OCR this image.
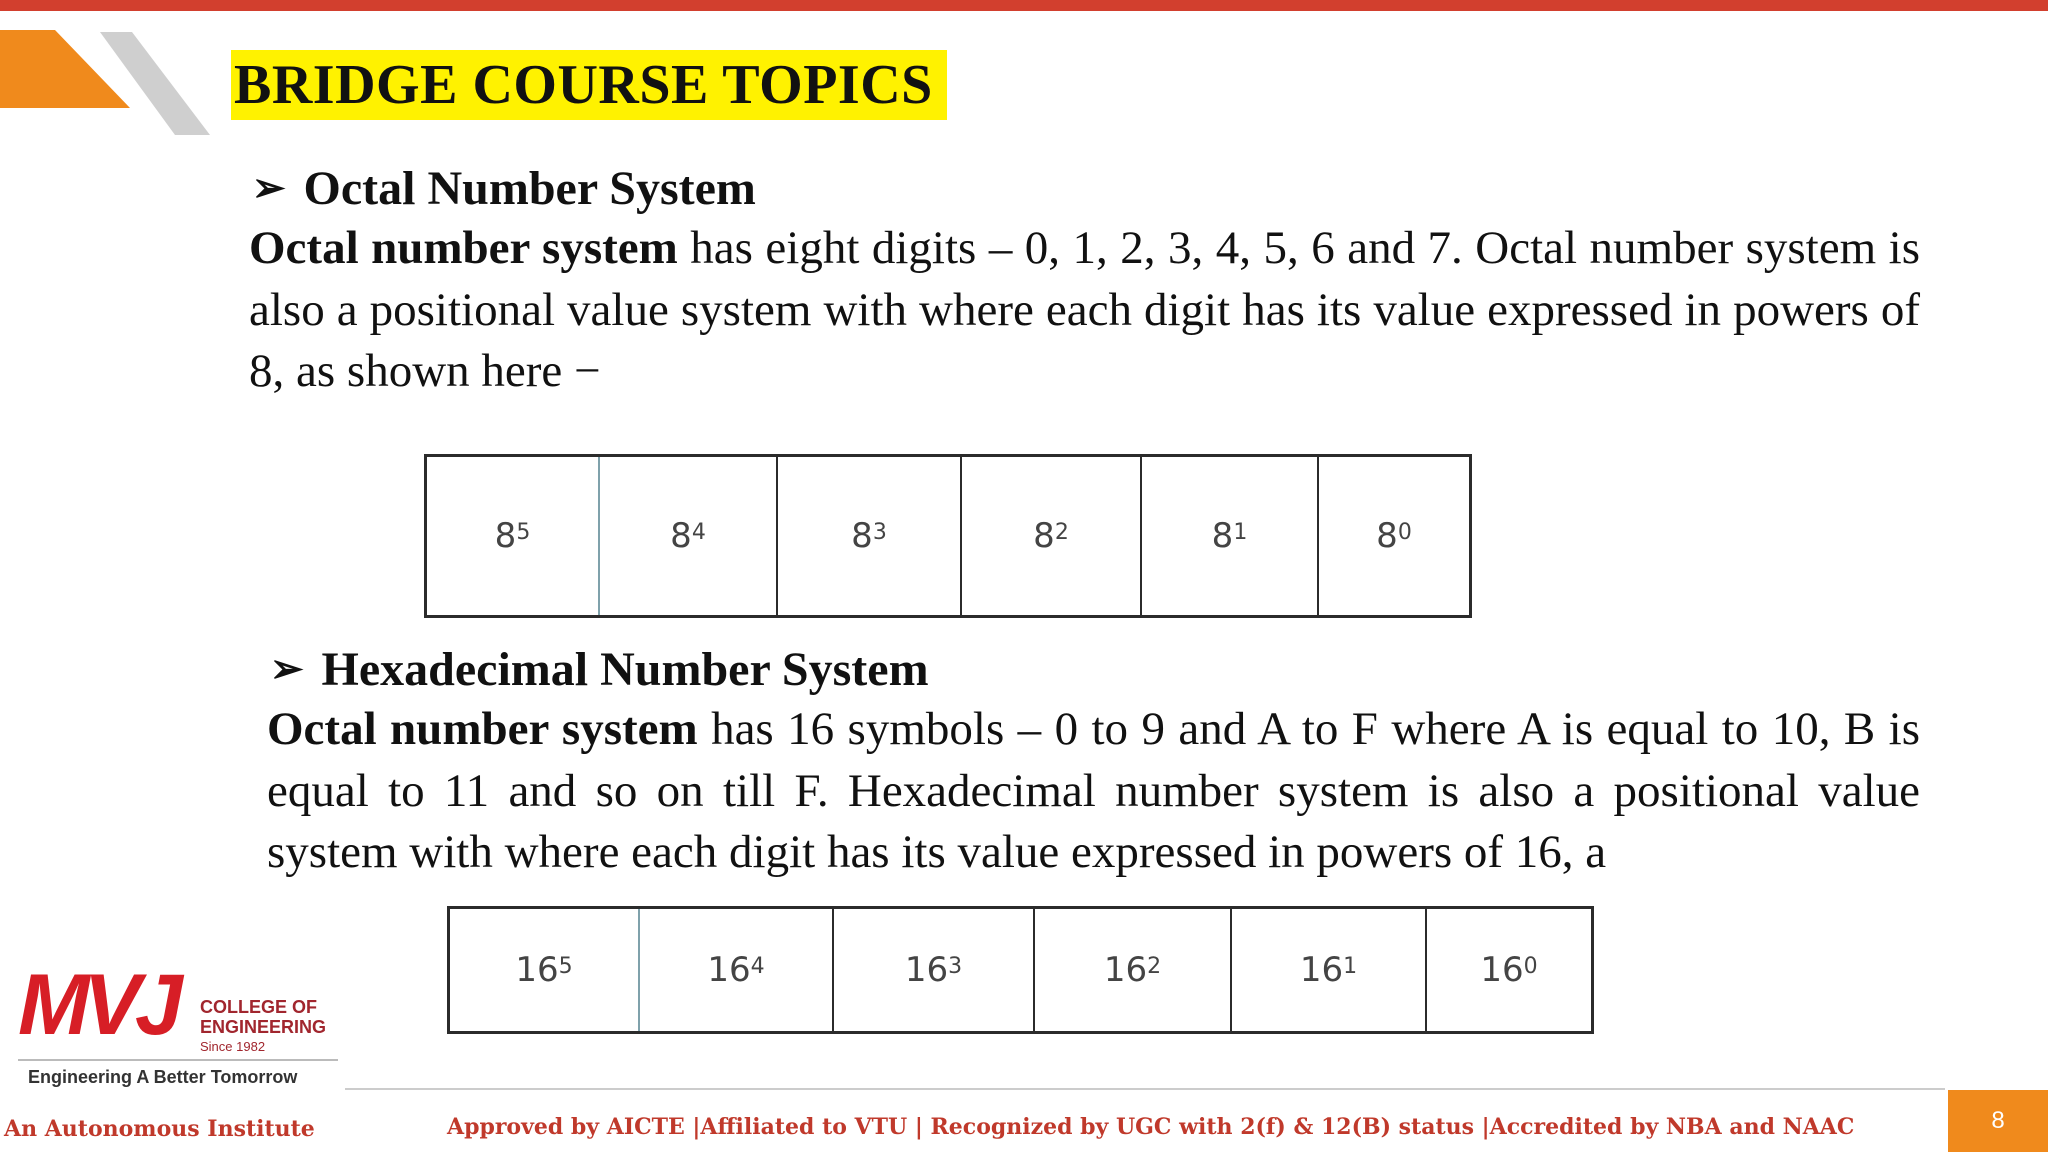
BRIDGE COURSE TOPICS
➢ Octal Number System
Octal number system has eight digits – 0, 1, 2, 3, 4, 5, 6 and 7. Octal number system is also a positional value system with where each digit has its value expressed in powers of 8, as shown here −
$8^5$	$8^4$	$8^3$	$8^2$	$8^1$	$8^0$
➢ Hexadecimal Number System
Octal number system has 16 symbols – 0 to 9 and A to F where A is equal to 10, B is equal to 11 and so on till F. Hexadecimal number system is also a positional value system with where each digit has its value expressed in powers of 16, a
$16^5$	$16^4$	$16^3$	$16^2$	$16^1$	$16^0$
MVJ COLLEGE OF
ENGINEERING
Since 1982
Engineering A Better Tomorrow
An Autonomous Institute	Approved by AICTE |Affiliated to VTU | Recognized by UGC with 2(f) & 12(B) status |Accredited by NBA and NAAC	8
